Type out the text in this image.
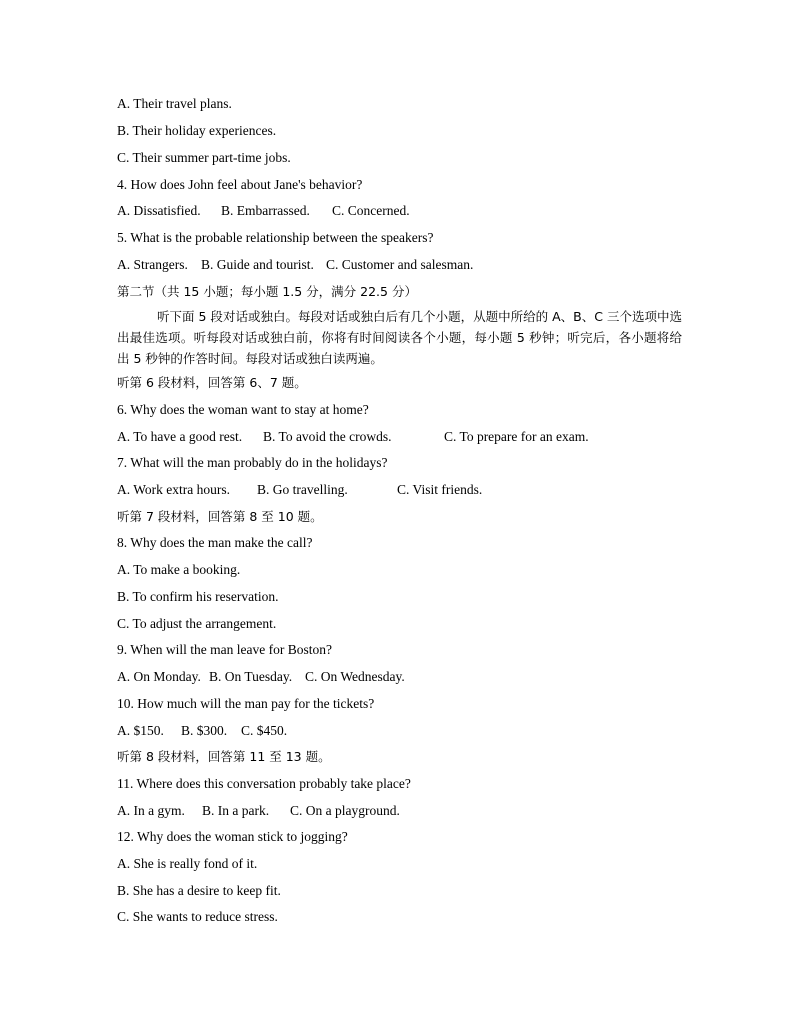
A. Their travel plans.
B. Their holiday experiences.
C. Their summer part-time jobs.
4. How does John feel about Jane's behavior?
A. Dissatisfied. B. Embarrassed. C. Concerned.
5. What is the probable relationship between the speakers?
A. Strangers. B. Guide and tourist. C. Customer and salesman.
第二节（共 15 小题；每小题 1.5 分，满分 22.5 分）
听下面 5 段对话或独白。每段对话或独白后有几个小题，从题中所给的 A、B、C 三个选项中选出最佳选项。听每段对话或独白前，你将有时间阅读各个小题，每小题 5 秒钟；听完后，各小题将给出 5 秒钟的作答时间。每段对话或独白读两遍。
听第 6 段材料，回答第 6、7 题。
6. Why does the woman want to stay at home?
A. To have a good rest. B. To avoid the crowds.	C. To prepare for an exam.
7. What will the man probably do in the holidays?
A. Work extra hours. B. Go travelling.	C. Visit friends.
听第 7 段材料，回答第 8 至 10 题。
8. Why does the man make the call?
A. To make a booking.
B. To confirm his reservation.
C. To adjust the arrangement.
9. When will the man leave for Boston?
A. On Monday. B. On Tuesday. C. On Wednesday.
10. How much will the man pay for the tickets?
A. $150. B. $300. C. $450.
听第 8 段材料，回答第 11 至 13 题。
11. Where does this conversation probably take place?
A. In a gym. B. In a park. C. On a playground.
12. Why does the woman stick to jogging?
A. She is really fond of it.
B. She has a desire to keep fit.
C. She wants to reduce stress.
